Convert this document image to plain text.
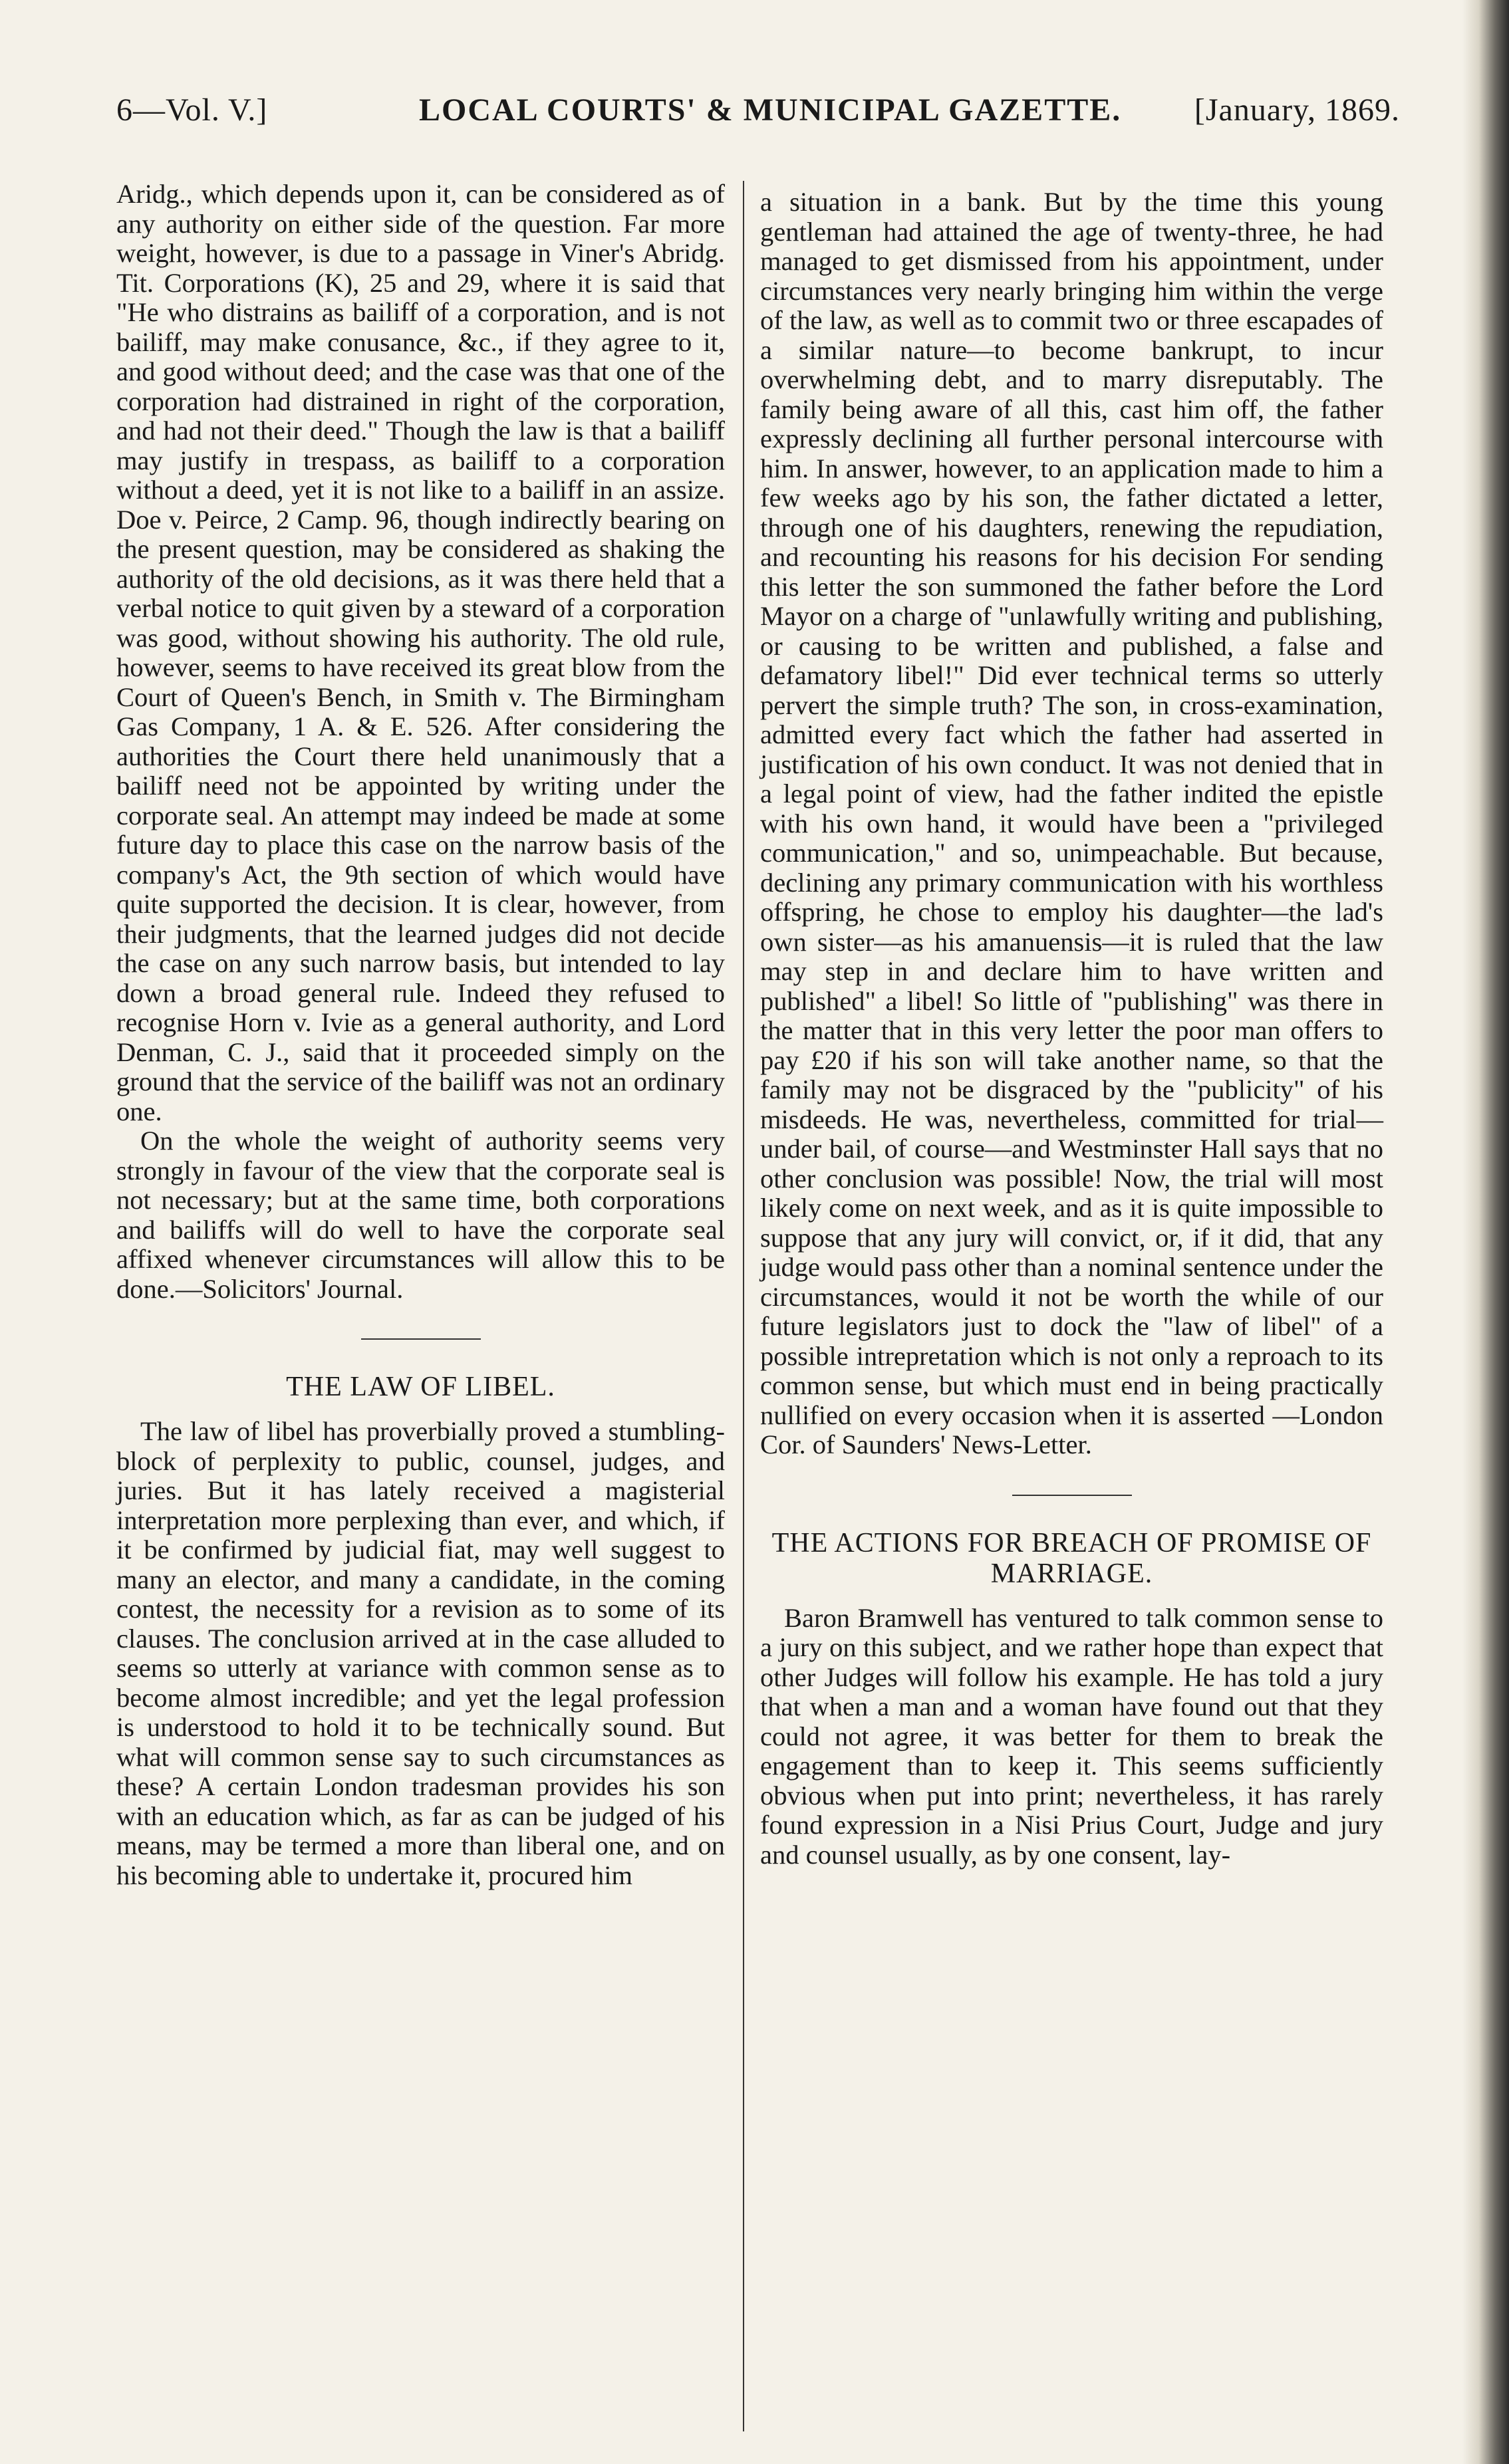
6—Vol. V.]	LOCAL COURTS' & MUNICIPAL GAZETTE. [January, 1869.

Aridg., which depends upon it, can be considered as of any authority on either side of the question. Far more weight, however, is due to a passage in Viner's Abridg. Tit. Corporations (K), 25 and 29, where it is said that "He who distrains as bailiff of a corporation, and is not bailiff, may make conusance, &c., if they agree to it, and good without deed; and the case was that one of the corporation had distrained in right of the corporation, and had not their deed." Though the law is that a bailiff may justify in trespass, as bailiff to a corporation without a deed, yet it is not like to a bailiff in an assize. Doe v. Peirce, 2 Camp. 96, though indirectly bearing on the present question, may be considered as shaking the authority of the old decisions, as it was there held that a verbal notice to quit given by a steward of a corporation was good, without showing his authority. The old rule, however, seems to have received its great blow from the Court of Queen's Bench, in Smith v. The Birmingham Gas Company, 1 A. & E. 526. After considering the authorities the Court there held unanimously that a bailiff need not be appointed by writing under the corporate seal. An attempt may indeed be made at some future day to place this case on the narrow basis of the company's Act, the 9th section of which would have quite supported the decision. It is clear, however, from their judgments, that the learned judges did not decide the case on any such narrow basis, but intended to lay down a broad general rule. Indeed they refused to recognise Horn v. Ivie as a general authority, and Lord Denman, C. J., said that it proceeded simply on the ground that the service of the bailiff was not an ordinary one.

On the whole the weight of authority seems very strongly in favour of the view that the corporate seal is not necessary; but at the same time, both corporations and bailiffs will do well to have the corporate seal affixed whenever circumstances will allow this to be done.—Solicitors' Journal.

THE LAW OF LIBEL.

The law of libel has proverbially proved a stumbling-block of perplexity to public, counsel, judges, and juries. But it has lately received a magisterial interpretation more perplexing than ever, and which, if it be confirmed by judicial fiat, may well suggest to many an elector, and many a candidate, in the coming contest, the necessity for a revision as to some of its clauses. The conclusion arrived at in the case alluded to seems so utterly at variance with common sense as to become almost incredible; and yet the legal profession is understood to hold it to be technically sound. But what will common sense say to such circumstances as these? A certain London tradesman provides his son with an education which, as far as can be judged of his means, may be termed a more than liberal one, and on his becoming able to undertake it, procured him

a situation in a bank. But by the time this young gentleman had attained the age of twenty-three, he had managed to get dismissed from his appointment, under circumstances very nearly bringing him within the verge of the law, as well as to commit two or three escapades of a similar nature—to become bankrupt, to incur overwhelming debt, and to marry disreputably. The family being aware of all this, cast him off, the father expressly declining all further personal intercourse with him. In answer, however, to an application made to him a few weeks ago by his son, the father dictated a letter, through one of his daughters, renewing the repudiation, and recounting his reasons for his decision For sending this letter the son summoned the father before the Lord Mayor on a charge of "unlawfully writing and publishing, or causing to be written and published, a false and defamatory libel!" Did ever technical terms so utterly pervert the simple truth? The son, in cross-examination, admitted every fact which the father had asserted in justification of his own conduct. It was not denied that in a legal point of view, had the father indited the epistle with his own hand, it would have been a "privileged communication," and so, unimpeachable. But because, declining any primary communication with his worthless offspring, he chose to employ his daughter—the lad's own sister—as his amanuensis—it is ruled that the law may step in and declare him to have written and published" a libel! So little of "publishing" was there in the matter that in this very letter the poor man offers to pay £20 if his son will take another name, so that the family may not be disgraced by the "publicity" of his misdeeds. He was, nevertheless, committed for trial—under bail, of course—and Westminster Hall says that no other conclusion was possible! Now, the trial will most likely come on next week, and as it is quite impossible to suppose that any jury will convict, or, if it did, that any judge would pass other than a nominal sentence under the circumstances, would it not be worth the while of our future legislators just to dock the "law of libel" of a possible intrepretation which is not only a reproach to its common sense, but which must end in being practically nullified on every occasion when it is asserted —London Cor. of Saunders' News-Letter.

THE ACTIONS FOR BREACH OF PROMISE OF MARRIAGE.

Baron Bramwell has ventured to talk common sense to a jury on this subject, and we rather hope than expect that other Judges will follow his example. He has told a jury that when a man and a woman have found out that they could not agree, it was better for them to break the engagement than to keep it. This seems sufficiently obvious when put into print; nevertheless, it has rarely found expression in a Nisi Prius Court, Judge and jury and counsel usually, as by one consent, lay-
